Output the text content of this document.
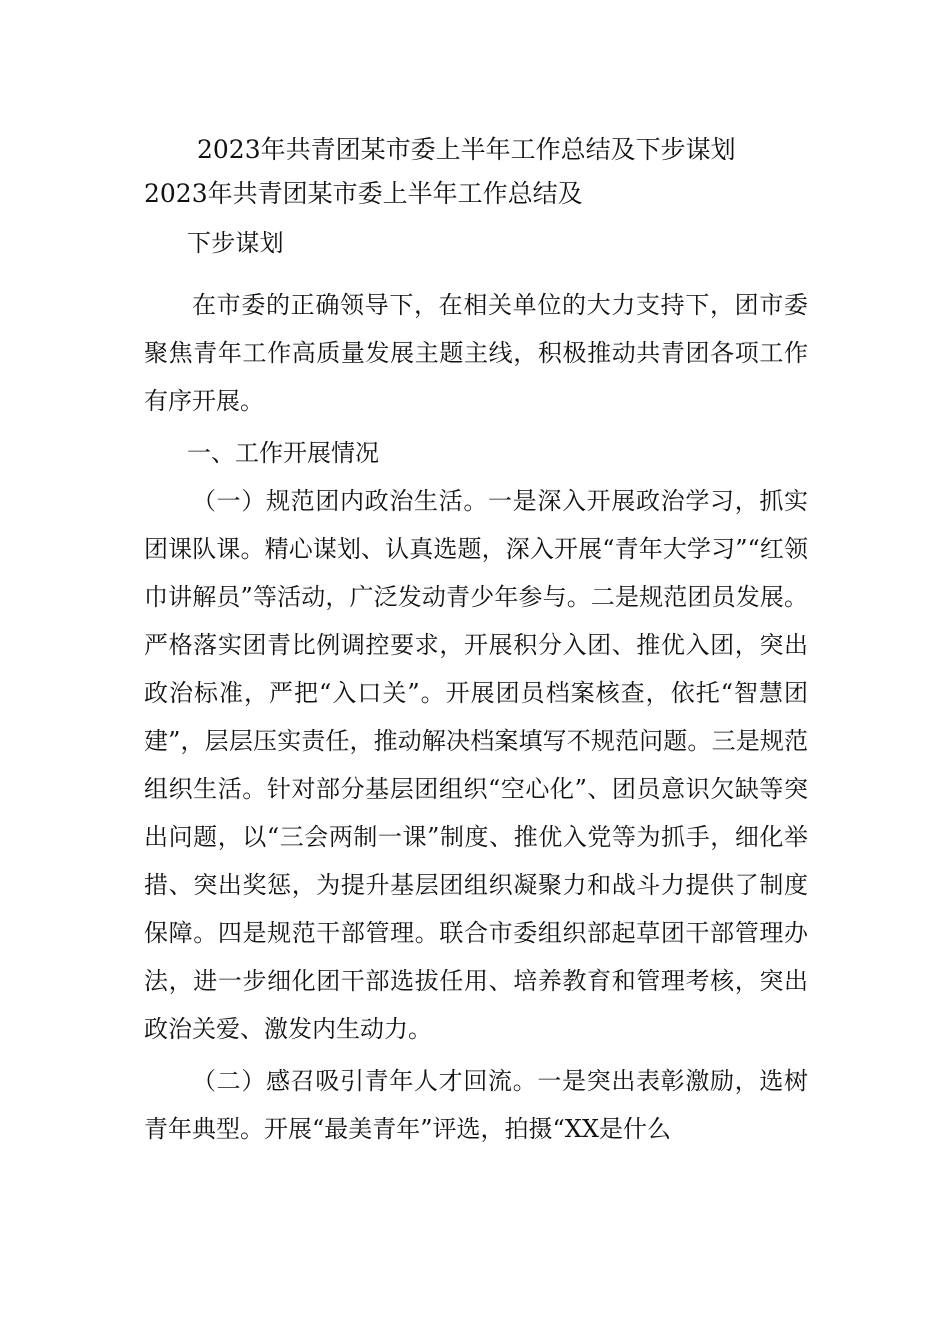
2023年共青团某市委上半年工作总结及下步谋划
2023年共青团某市委上半年工作总结及
下步谋划

在市委的正确领导下，在相关单位的大力支持下，团市委聚焦青年工作高质量发展主题主线，积极推动共青团各项工作有序开展。

一、工作开展情况

（一）规范团内政治生活。一是深入开展政治学习，抓实团课队课。精心谋划、认真选题，深入开展“青年大学习”“红领巾讲解员”等活动，广泛发动青少年参与。二是规范团员发展。严格落实团青比例调控要求，开展积分入团、推优入团，突出政治标准，严把“入口关”。开展团员档案核查，依托“智慧团建”，层层压实责任，推动解决档案填写不规范问题。三是规范组织生活。针对部分基层团组织“空心化”、团员意识欠缺等突出问题，以“三会两制一课”制度、推优入党等为抓手，细化举措、突出奖惩，为提升基层团组织凝聚力和战斗力提供了制度保障。四是规范干部管理。联合市委组织部起草团干部管理办法，进一步细化团干部选拔任用、培养教育和管理考核，突出政治关爱、激发内生动力。

（二）感召吸引青年人才回流。一是突出表彰激励，选树青年典型。开展“最美青年”评选，拍摄“XX是什么
